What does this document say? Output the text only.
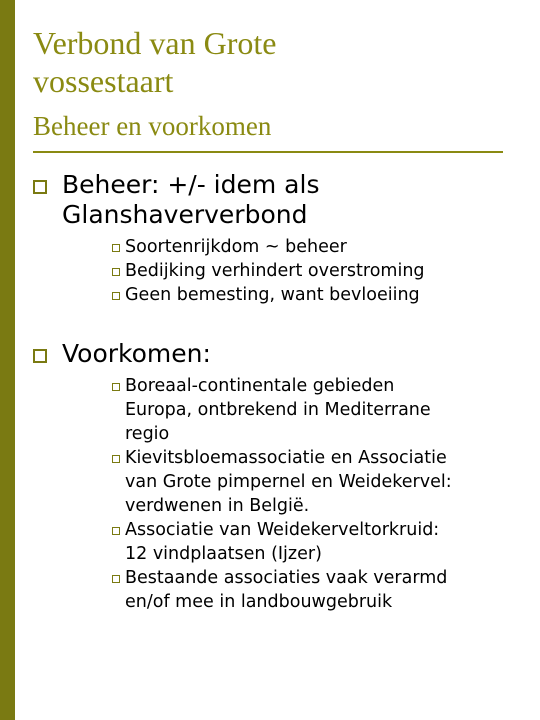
Verbond van Grote
vossestaart
Beheer en voorkomen
Beheer: +/- idem als
Glanshaververbond
Soortenrijkdom ~ beheer
Bedijking verhindert overstroming
Geen bemesting, want bevloeiing
Voorkomen:
Boreaal-continentale gebieden
Europa, ontbrekend in Mediterrane
regio
Kievitsbloemassociatie en Associatie
van Grote pimpernel en Weidekervel:
verdwenen in België.
Associatie van Weidekerveltorkruid:
12 vindplaatsen (Ijzer)
Bestaande associaties vaak verarmd
en/of mee in landbouwgebruik
